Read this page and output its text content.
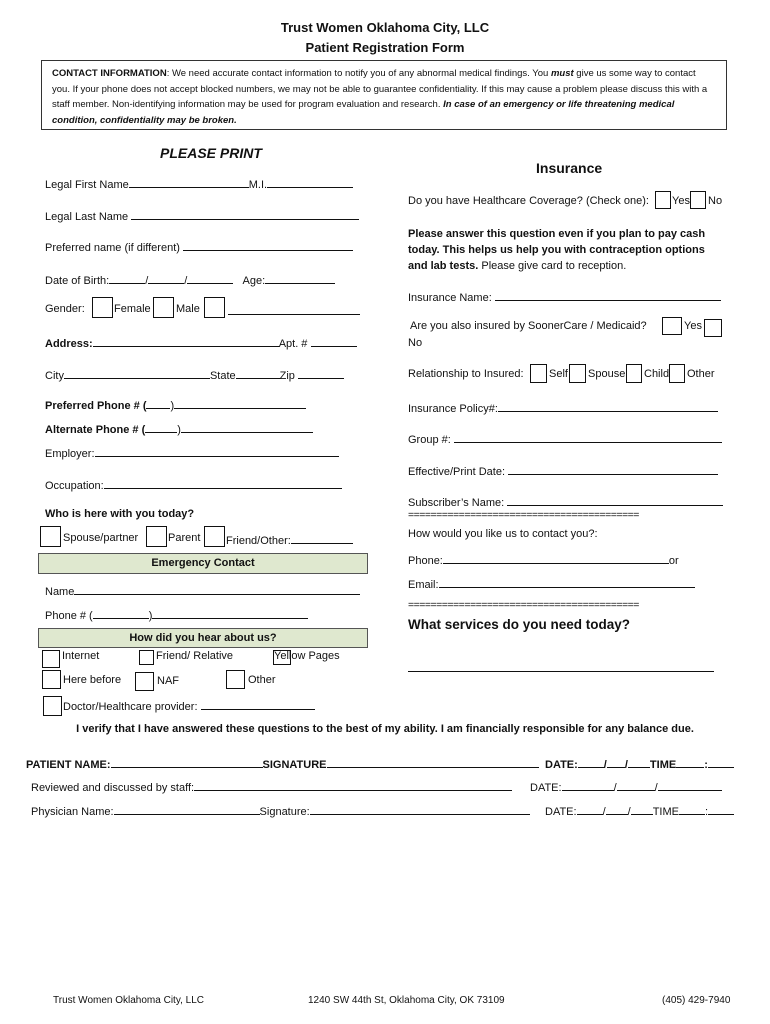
Trust Women Oklahoma City, LLC
Patient Registration Form
CONTACT INFORMATION: We need accurate contact information to notify you of any abnormal medical findings. You must give us some way to contact you. If your phone does not accept blocked numbers, we may not be able to guarantee confidentiality. If this may cause a problem please discuss this with a staff member. Non-identifying information may be used for program evaluation and research. In case of an emergency or life threatening medical condition, confidentiality may be broken.
PLEASE PRINT
Legal First Name	M.I.
Legal Last Name
Preferred name (if different)
Date of Birth:	/	/	Age:
Gender:	Female Male
Address:	Apt. #
City	State	Zip
Preferred Phone # ( )
Alternate Phone # (	)
Employer:
Occupation:
Who is here with you today?
Spouse/partner	Parent Friend/Other:
Emergency Contact
Name
Phone # (	)
How did you hear about us?
Internet	Friend/ Relative	Yellow Pages
Here before	NAF	Other
Doctor/Healthcare provider:
Insurance
Do you have Healthcare Coverage? (Check one): Yes No
Please answer this question even if you plan to pay cash today. This helps us help you with contraception options and lab tests. Please give card to reception.
Insurance Name:
Are you also insured by SoonerCare / Medicaid?	Yes
No
Relationship to Insured: Self Spouse Child Other
Insurance Policy#:
Group #:
Effective/Print Date:
Subscriber’s Name:
=========================================
How would you like us to contact you?:
Phone:	or
Email:
=========================================
What services do you need today?
I verify that I have answered these questions to the best of my ability. I am financially responsible for any balance due.
PATIENT NAME:	SIGNATURE	DATE: / / TIME	:
Reviewed and discussed by staff:	DATE:	/	/
Physician Name:	Signature:	DATE: / / TIME :
Trust Women Oklahoma City, LLC	1240 SW 44th St, Oklahoma City, OK 73109	(405) 429-7940
